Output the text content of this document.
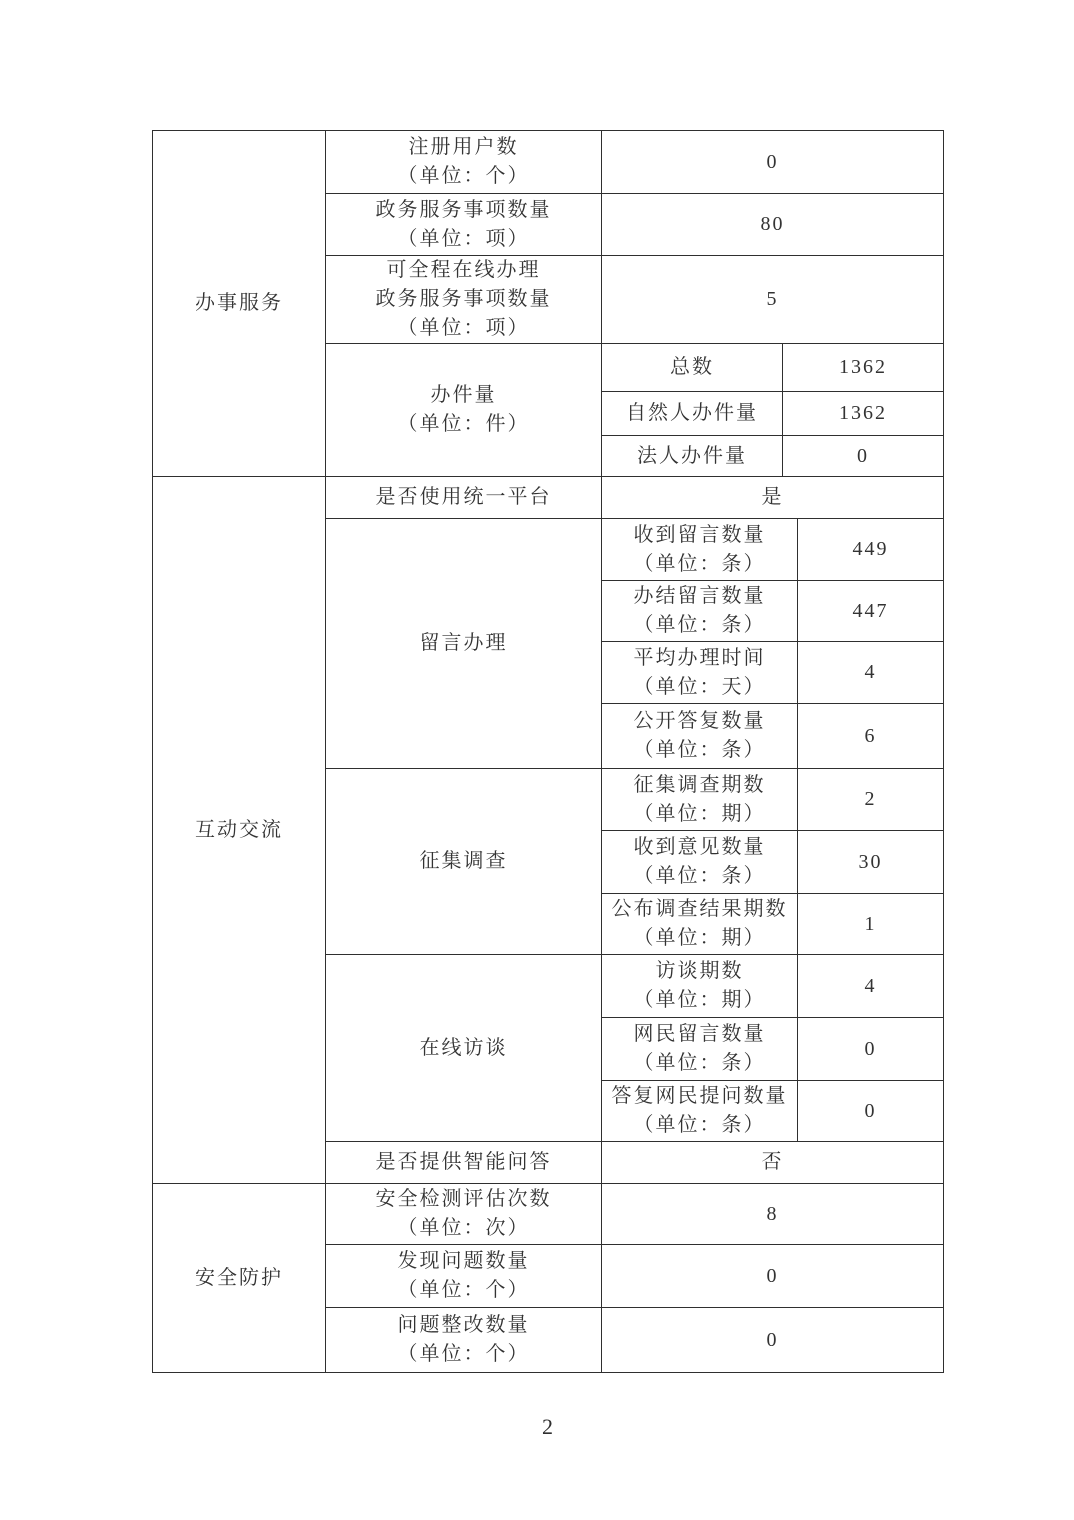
办事服务	注册用户数
（单位：个）	0		

	政务服务事项数量
（单位：项）	80		

	可全程在线办理
政务服务事项数量
（单位：项）	5		

	办件量
（单位：件）	总数	1362	

		自然人办件量	1362	

		法人办件量	0	

互动交流	是否使用统一平台	是		

	留言办理	收到留言数量
（单位：条）		449

		办结留言数量
（单位：条）		447

		平均办理时间
（单位：天）		4

		公开答复数量
（单位：条）		6

	征集调查	征集调查期数
（单位：期）		2

		收到意见数量
（单位：条）		30

		公布调查结果期数
（单位：期）		1

	在线访谈	访谈期数
（单位：期）		4

		网民留言数量
（单位：条）		0

		答复网民提问数量
（单位：条）		0

	是否提供智能问答	否		

安全防护	安全检测评估次数
（单位：次）	8		

	发现问题数量
（单位：个）	0		

	问题整改数量
（单位：个）	0		
2
